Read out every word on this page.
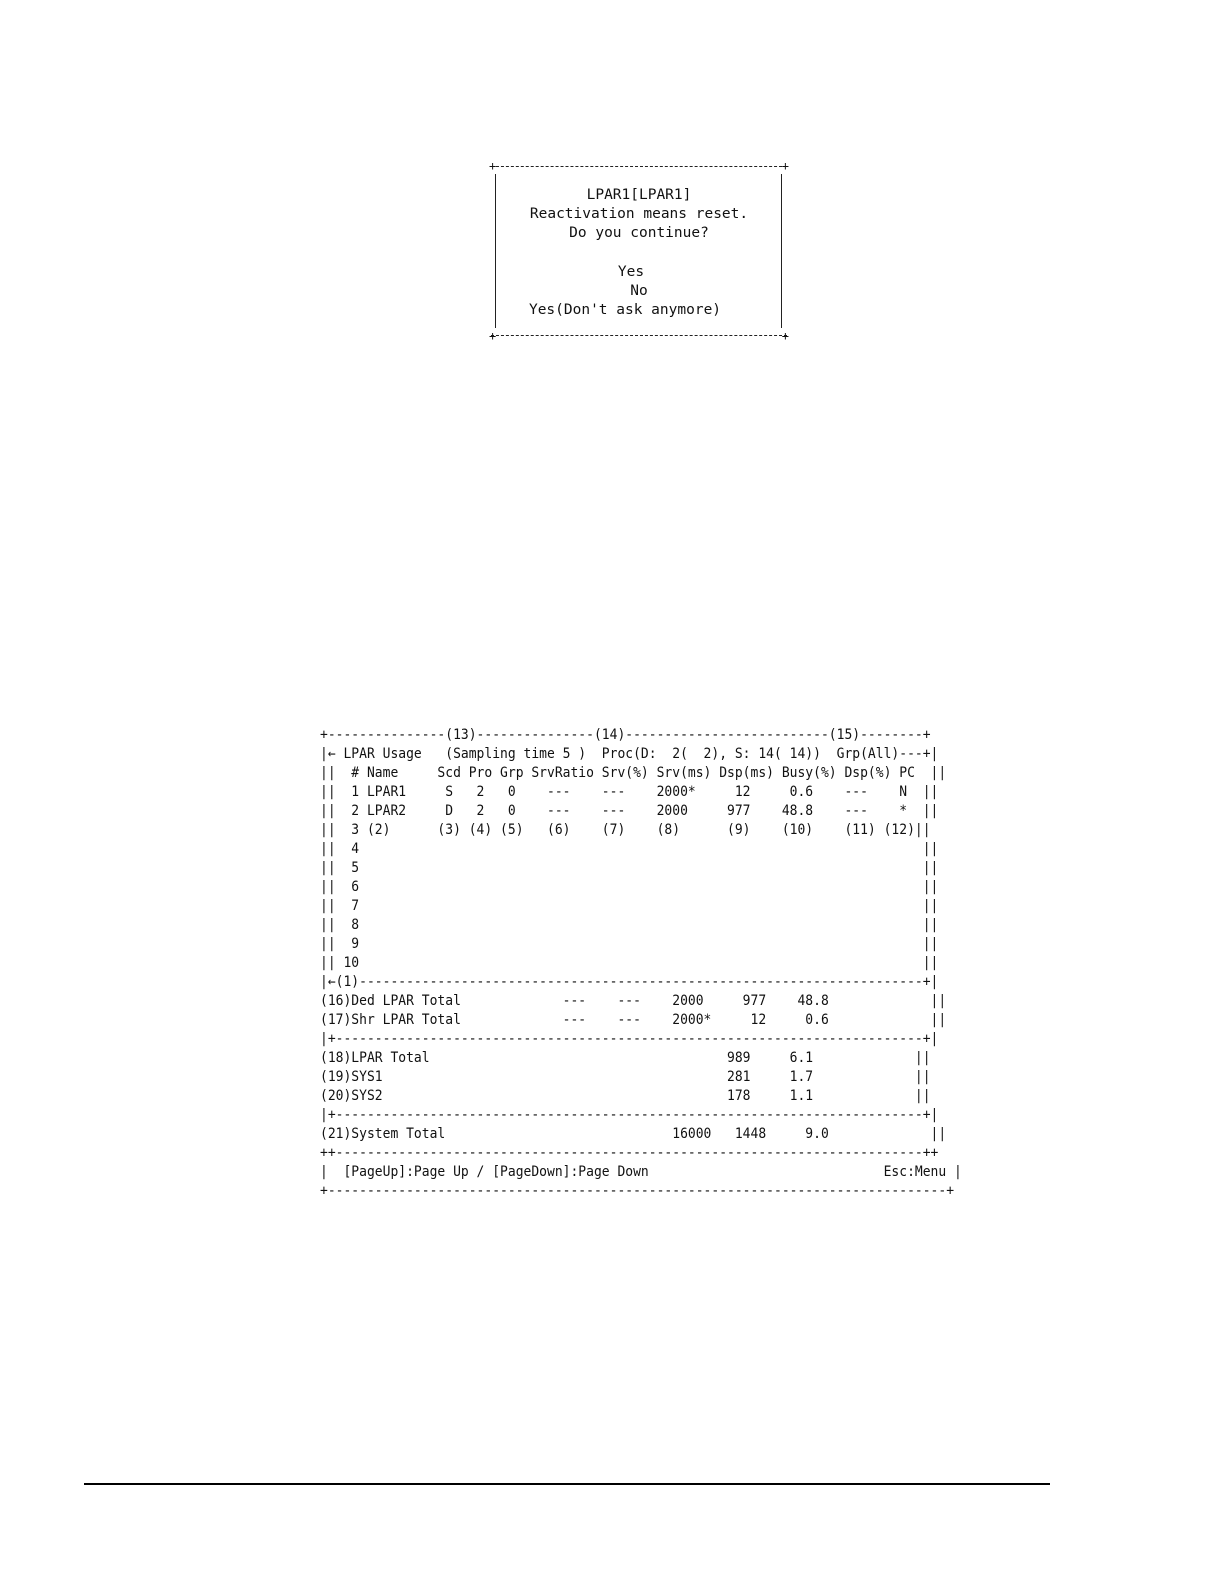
+

	+

+

	+

LPAR1[LPAR1]

Reactivation means reset.

Do you continue?

Yes

No

Yes(Don't ask anymore)

+---------------(13)---------------(14)--------------------------(15)--------+

|← LPAR Usage   (Sampling time 5 )  Proc(D:  2(  2), S: 14( 14))  Grp(All)---+|

||  # Name     Scd Pro Grp SrvRatio Srv(%) Srv(ms) Dsp(ms) Busy(%) Dsp(%) PC  ||

||  1 LPAR1     S   2   0    ---    ---    2000*     12     0.6    ---    N  ||

||  2 LPAR2     D   2   0    ---    ---    2000     977    48.8    ---    *  ||

||  3 (2)      (3) (4) (5)   (6)    (7)    (8)      (9)    (10)    (11) (12)||

||  4                                                                        ||

||  5                                                                        ||

||  6                                                                        ||

||  7                                                                        ||

||  8                                                                        ||

||  9                                                                        ||

|| 10                                                                        ||

|←(1)------------------------------------------------------------------------+|

(16)Ded LPAR Total             ---    ---    2000     977    48.8             ||

(17)Shr LPAR Total             ---    ---    2000*     12     0.6             ||

|+---------------------------------------------------------------------------+|

(18)LPAR Total                                      989     6.1             ||

(19)SYS1                                            281     1.7             ||

(20)SYS2                                            178     1.1             ||

|+---------------------------------------------------------------------------+|

(21)System Total                             16000   1448     9.0             ||

++---------------------------------------------------------------------------++

|  [PageUp]:Page Up / [PageDown]:Page Down                              Esc:Menu |

+-------------------------------------------------------------------------------+
